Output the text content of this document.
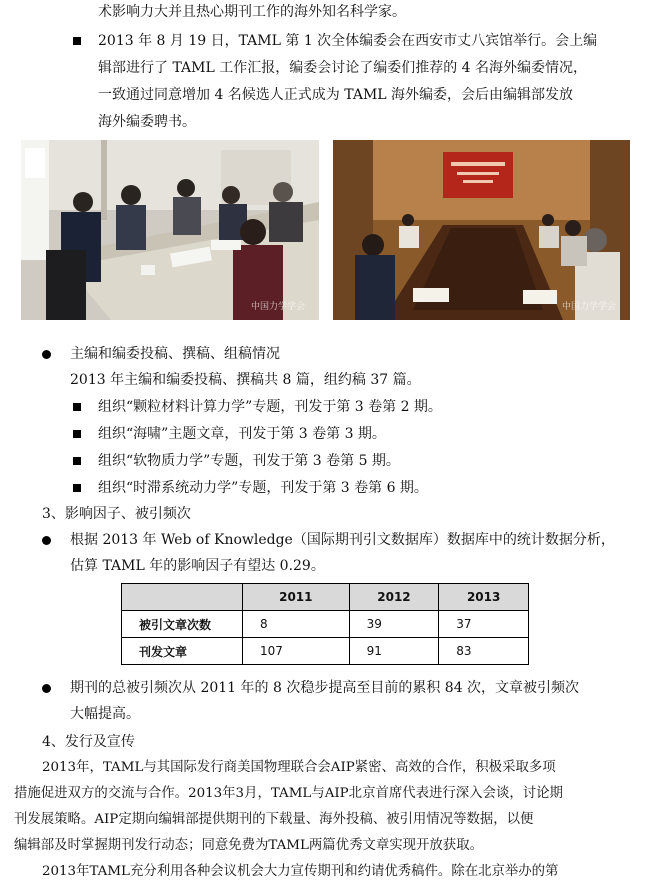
术影响力大并且热心期刊工作的海外知名科学家。
2013 年 8 月 19 日，TAML 第 1 次全体编委会在西安市丈八宾馆举行。会上编
辑部进行了 TAML 工作汇报，编委会讨论了编委们推荐的 4 名海外编委情况，
一致通过同意增加 4 名候选人正式成为 TAML 海外编委，会后由编辑部发放
海外编委聘书。
中国力学学会	中国力学学会
主编和编委投稿、撰稿、组稿情况
2013 年主编和编委投稿、撰稿共 8 篇，组约稿 37 篇。
组织“颗粒材料计算力学”专题，刊发于第 3 卷第 2 期。
组织“海啸”主题文章，刊发于第 3 卷第 3 期。
组织“软物质力学”专题，刊发于第 3 卷第 5 期。
组织“时滞系统动力学”专题，刊发于第 3 卷第 6 期。
3、影响因子、被引频次
根据 2013 年 Web of Knowledge（国际期刊引文数据库）数据库中的统计数据分析，
估算 TAML 年的影响因子有望达 0.29。
	2011	2012	2013
被引文章次数	8	39	37
刊发文章	107	91	83
期刊的总被引频次从 2011 年的 8 次稳步提高至目前的累积 84 次，文章被引频次
大幅提高。
4、发行及宣传
2013年，TAML与其国际发行商美国物理联合会AIP紧密、高效的合作，积极采取多项
措施促进双方的交流与合作。2013年3月，TAML与AIP北京首席代表进行深入会谈，讨论期
刊发展策略。AIP定期向编辑部提供期刊的下载量、海外投稿、被引用情况等数据，以便
编辑部及时掌握期刊发行动态；同意免费为TAML两篇优秀文章实现开放获取。
2013年TAML充分利用各种会议机会大力宣传期刊和约请优秀稿件。除在北京举办的第
